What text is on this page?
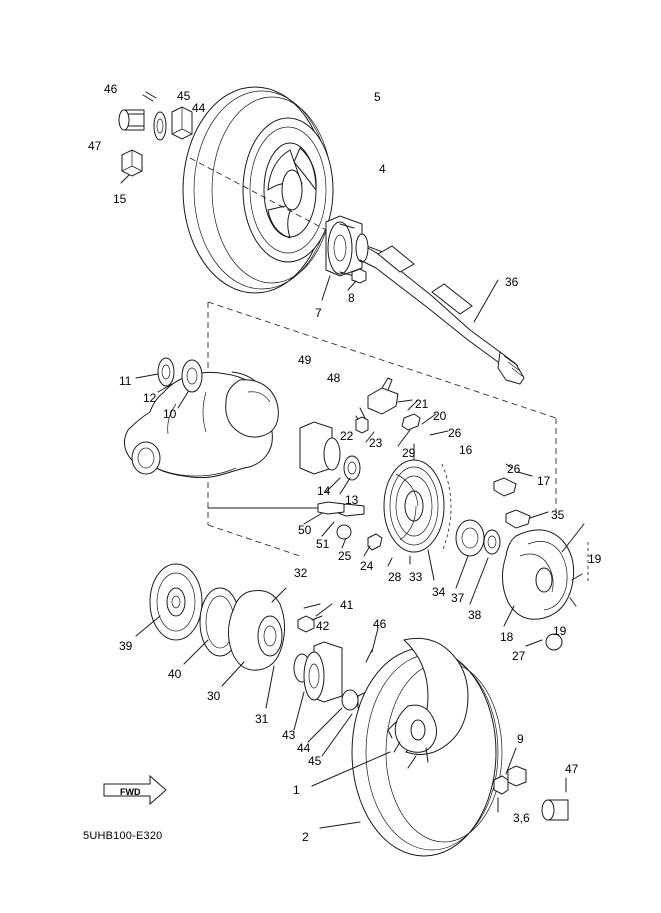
46	45
44
5
47
4
15
36
8
7
49
11	48
12	21
10	20
22 23
26
29	16
26
17
14
13
35
50
51
25
24	19
28 33
34 37
32
38
41
42	46	19
18
39
27
40
30
31
43
44
9
45
47
1
3,6
2
FWD
5UHB100-E320
